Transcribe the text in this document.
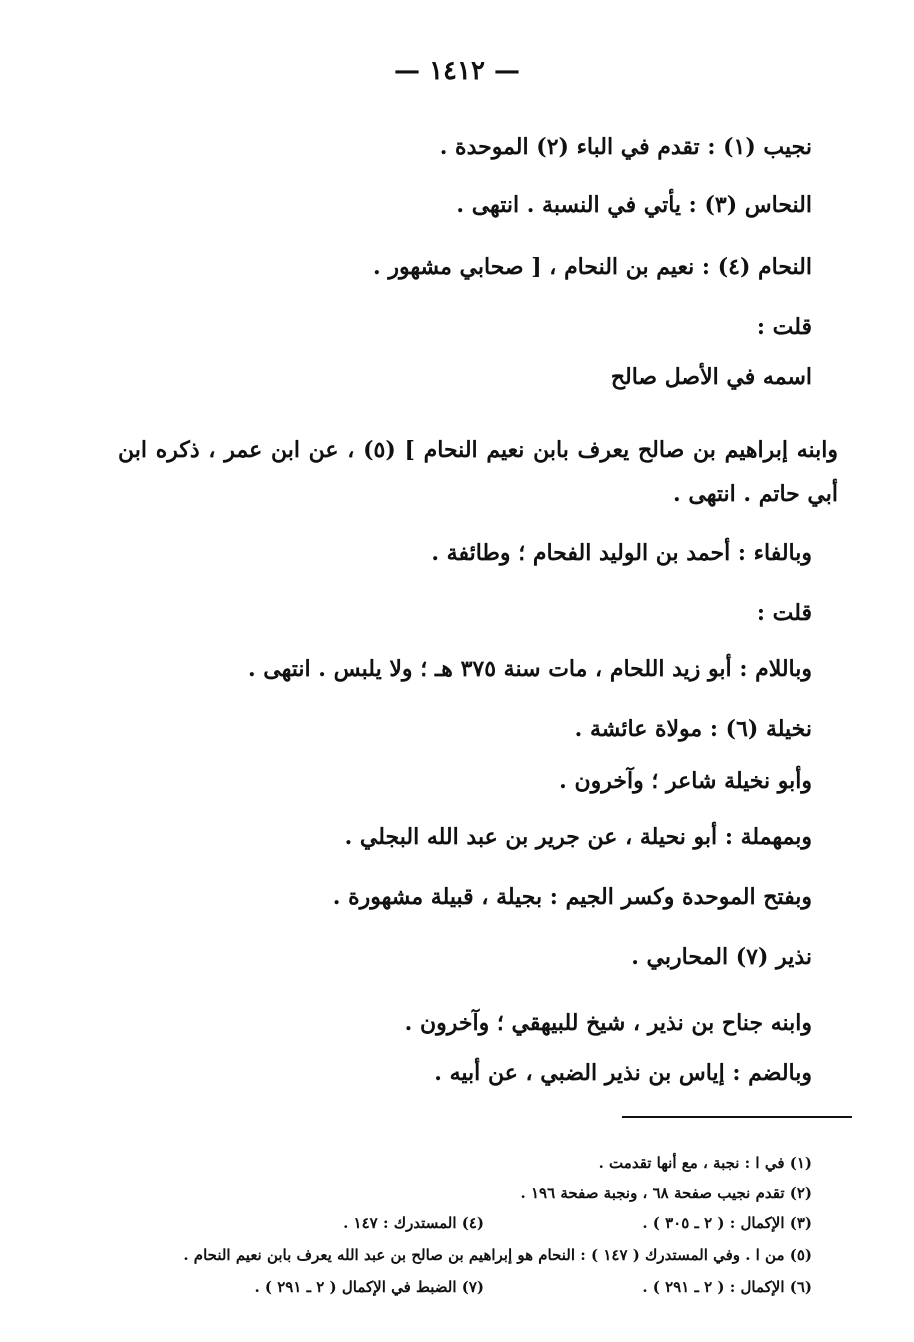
— ١٤١٢ —
نجيب (١) : تقدم في الباء (٢) الموحدة .
النحاس (٣) : يأتي في النسبة . انتهى .
النحام (٤) : نعيم بن النحام ، [ صحابي مشهور .
قلت :
اسمه في الأصل صالح
وابنه إبراهيم بن صالح يعرف بابن نعيم النحام ] (٥) ، عن ابن عمر ، ذكره ابن أبي حاتم . انتهى .
وبالفاء : أحمد بن الوليد الفحام ؛ وطائفة .
قلت :
وباللام : أبو زيد اللحام ، مات سنة ٣٧٥ هـ ؛ ولا يلبس . انتهى .
نخيلة (٦) : مولاة عائشة .
وأبو نخيلة شاعر ؛ وآخرون .
وبمهملة : أبو نحيلة ، عن جرير بن عبد الله البجلي .
وبفتح الموحدة وكسر الجيم : بجيلة ، قبيلة مشهورة .
نذير (٧) المحاربي .
وابنه جناح بن نذير ، شيخ للبيهقي ؛ وآخرون .
وبالضم : إياس بن نذير الضبي ، عن أبيه .
(١) في ا : نجبة ، مع أنها تقدمت .
(٢) تقدم نجيب صفحة ٦٨ ، ونجبة صفحة ١٩٦ .
(٣) الإكمال : ( ٢ ـ ٣٠٥ ) .
(٤) المستدرك : ١٤٧ .
(٥) من ا . وفي المستدرك ( ١٤٧ ) : النحام هو إبراهيم بن صالح بن عبد الله يعرف بابن نعيم النحام .
(٦) الإكمال : ( ٢ ـ ٢٩١ ) .
(٧) الضبط في الإكمال ( ٢ ـ ٢٩١ ) .
